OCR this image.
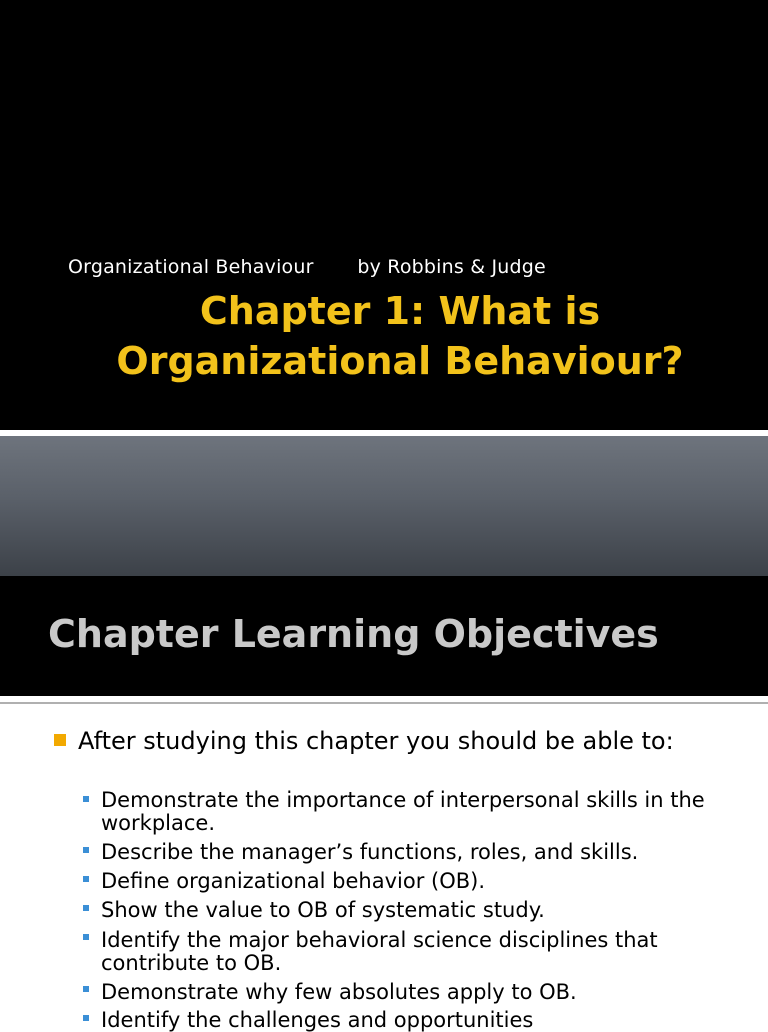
Organizational Behaviour by Robbins & Judge
Chapter 1: What is Organizational Behaviour?
Chapter Learning Objectives
After studying this chapter you should be able to:
Demonstrate the importance of interpersonal skills in the workplace.
Describe the manager’s functions, roles, and skills.
Define organizational behavior (OB).
Show the value to OB of systematic study.
Identify the major behavioral science disciplines that contribute to OB.
Demonstrate why few absolutes apply to OB.
Identify the challenges and opportunities
